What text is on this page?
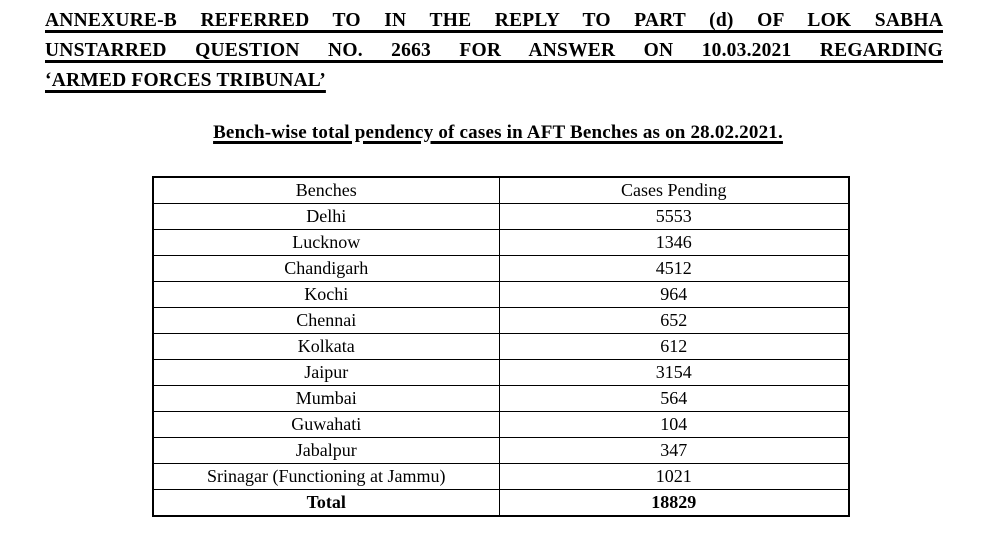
ANNEXURE-B REFERRED TO IN THE REPLY TO PART (d) OF LOK SABHA
UNSTARRED QUESTION NO. 2663 FOR ANSWER ON 10.03.2021 REGARDING
‘ARMED FORCES TRIBUNAL’
Bench-wise total pendency of cases in AFT Benches as on 28.02.2021.
Benches	Cases Pending
Delhi	5553
Lucknow	1346
Chandigarh	4512
Kochi	964
Chennai	652
Kolkata	612
Jaipur	3154
Mumbai	564
Guwahati	104
Jabalpur	347
Srinagar (Functioning at Jammu)	1021
Total	18829
